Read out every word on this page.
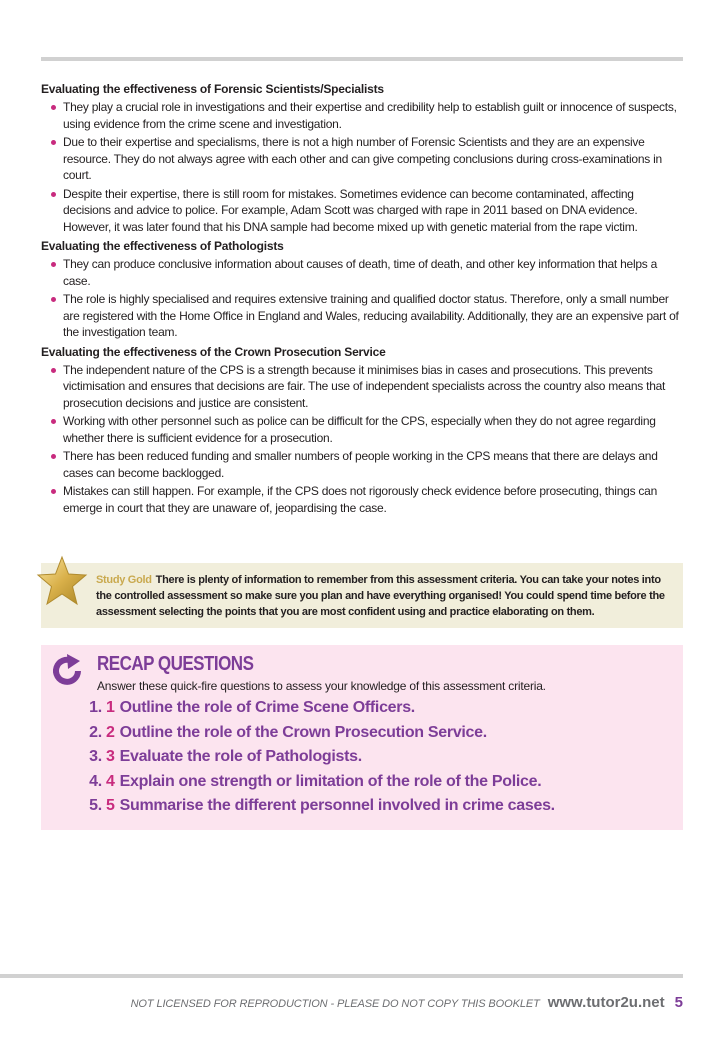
Evaluating the effectiveness of Forensic Scientists/Specialists
They play a crucial role in investigations and their expertise and credibility help to establish guilt or innocence of suspects, using evidence from the crime scene and investigation.
Due to their expertise and specialisms, there is not a high number of Forensic Scientists and they are an expensive resource. They do not always agree with each other and can give competing conclusions during cross-examinations in court.
Despite their expertise, there is still room for mistakes. Sometimes evidence can become contaminated, affecting decisions and advice to police. For example, Adam Scott was charged with rape in 2011 based on DNA evidence. However, it was later found that his DNA sample had become mixed up with genetic material from the rape victim.
Evaluating the effectiveness of Pathologists
They can produce conclusive information about causes of death, time of death, and other key information that helps a case.
The role is highly specialised and requires extensive training and qualified doctor status. Therefore, only a small number are registered with the Home Office in England and Wales, reducing availability. Additionally, they are an expensive part of the investigation team.
Evaluating the effectiveness of the Crown Prosecution Service
The independent nature of the CPS is a strength because it minimises bias in cases and prosecutions. This prevents victimisation and ensures that decisions are fair. The use of independent specialists across the country also means that prosecution decisions and justice are consistent.
Working with other personnel such as police can be difficult for the CPS, especially when they do not agree regarding whether there is sufficient evidence for a prosecution.
There has been reduced funding and smaller numbers of people working in the CPS means that there are delays and cases can become backlogged.
Mistakes can still happen. For example, if the CPS does not rigorously check evidence before prosecuting, things can emerge in court that they are unaware of, jeopardising the case.
Study Gold There is plenty of information to remember from this assessment criteria. You can take your notes into the controlled assessment so make sure you plan and have everything organised! You could spend time before the assessment selecting the points that you are most confident using and practice elaborating on them.
RECAP QUESTIONS
Answer these quick-fire questions to assess your knowledge of this assessment criteria.
1. 1 Outline the role of Crime Scene Officers.
2. 2 Outline the role of the Crown Prosecution Service.
3. 3 Evaluate the role of Pathologists.
4. 4 Explain one strength or limitation of the role of the Police.
5. 5 Summarise the different personnel involved in crime cases.
NOT LICENSED FOR REPRODUCTION - PLEASE DO NOT COPY THIS BOOKLET www.tutor2u.net 5
